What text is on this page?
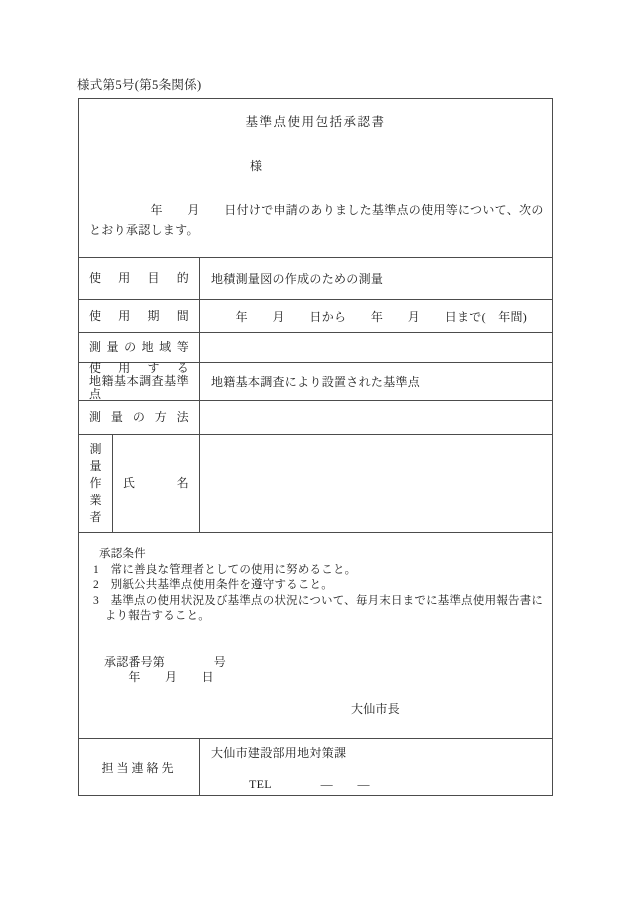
様式第5号(第5条関係)
基準点使用包括承認書
様
　　　　　年　　月　　日付けで申請のありました基準点の使用等について、次の
とおり承認します。
使用目的	地積測量図の作成のための測量
使用期間	　　年　　月　　日から　　年　　月　　日まで(　年間)
測量の地域等
使用する
地籍基本調査基準点
地籍基本調査により設置された基準点
測量の方法
測量作業者
氏名
承認条件
1　常に善良な管理者としての使用に努めること。
2　別紙公共基準点使用条件を遵守すること。
3　基準点の使用状況及び基準点の状況について、毎月末日までに基準点使用報告書に
　より報告すること。
承認番号第　　　　号
　　年　　月　　日
大仙市長
担当連絡先
大仙市建設部用地対策課
TEL　　　　―　　―
